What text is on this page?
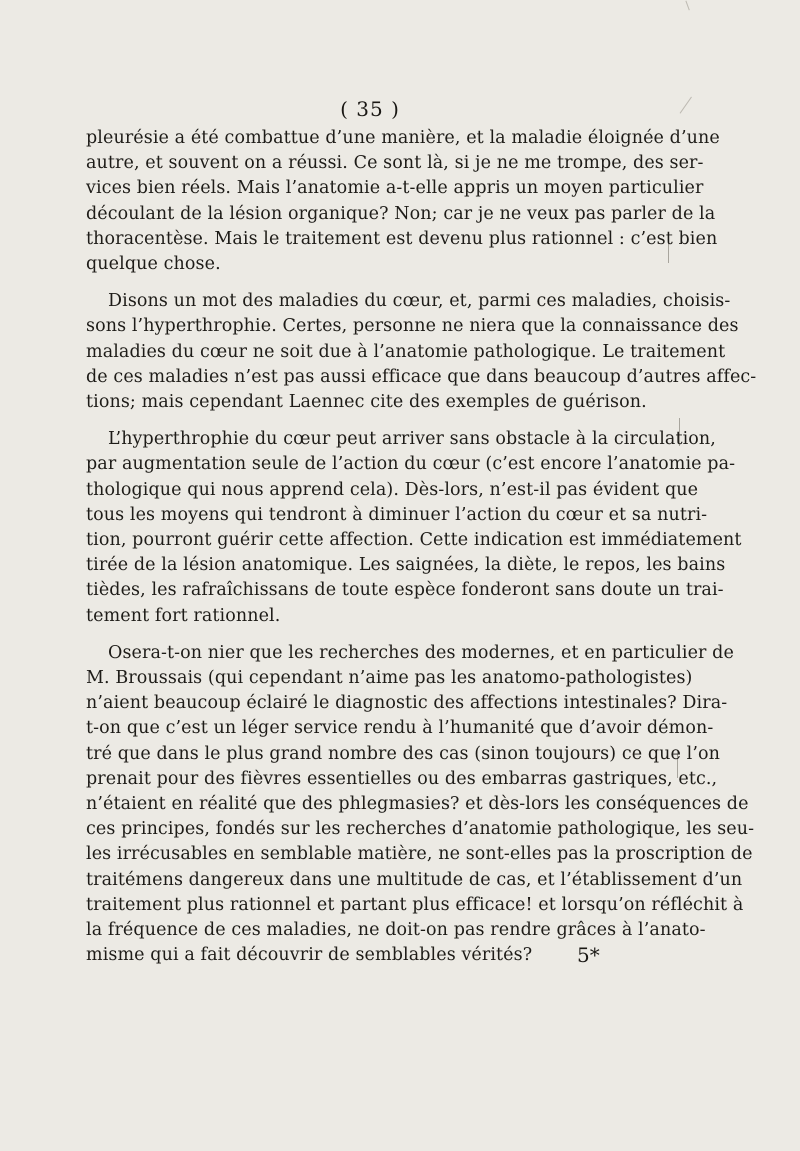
( 35 )
pleurésie a été combattue d’une manière, et la maladie éloignée d’une
autre, et souvent on a réussi. Ce sont là, si je ne me trompe, des ser-
vices bien réels. Mais l’anatomie a-t-elle appris un moyen particulier
découlant de la lésion organique? Non; car je ne veux pas parler de la
thoracentèse. Mais le traitement est devenu plus rationnel : c’est bien
quelque chose.
Disons un mot des maladies du cœur, et, parmi ces maladies, choisis-
sons l’hyperthrophie. Certes, personne ne niera que la connaissance des
maladies du cœur ne soit due à l’anatomie pathologique. Le traitement
de ces maladies n’est pas aussi efficace que dans beaucoup d’autres affec-
tions; mais cependant Laennec cite des exemples de guérison.
L’hyperthrophie du cœur peut arriver sans obstacle à la circulation,
par augmentation seule de l’action du cœur (c’est encore l’anatomie pa-
thologique qui nous apprend cela). Dès-lors, n’est-il pas évident que
tous les moyens qui tendront à diminuer l’action du cœur et sa nutri-
tion, pourront guérir cette affection. Cette indication est immédiatement
tirée de la lésion anatomique. Les saignées, la diète, le repos, les bains
tièdes, les rafraîchissans de toute espèce fonderont sans doute un trai-
tement fort rationnel.
Osera-t-on nier que les recherches des modernes, et en particulier de
M. Broussais (qui cependant n’aime pas les anatomo-pathologistes)
n’aient beaucoup éclairé le diagnostic des affections intestinales? Dira-
t-on que c’est un léger service rendu à l’humanité que d’avoir démon-
tré que dans le plus grand nombre des cas (sinon toujours) ce que l’on
prenait pour des fièvres essentielles ou des embarras gastriques, etc.,
n’étaient en réalité que des phlegmasies? et dès-lors les conséquences de
ces principes, fondés sur les recherches d’anatomie pathologique, les seu-
les irrécusables en semblable matière, ne sont-elles pas la proscription de
traitémens dangereux dans une multitude de cas, et l’établissement d’un
traitement plus rationnel et partant plus efficace! et lorsqu’on réfléchit à
la fréquence de ces maladies, ne doit-on pas rendre grâces à l’anato-
misme qui a fait découvrir de semblables vérités?	5*
